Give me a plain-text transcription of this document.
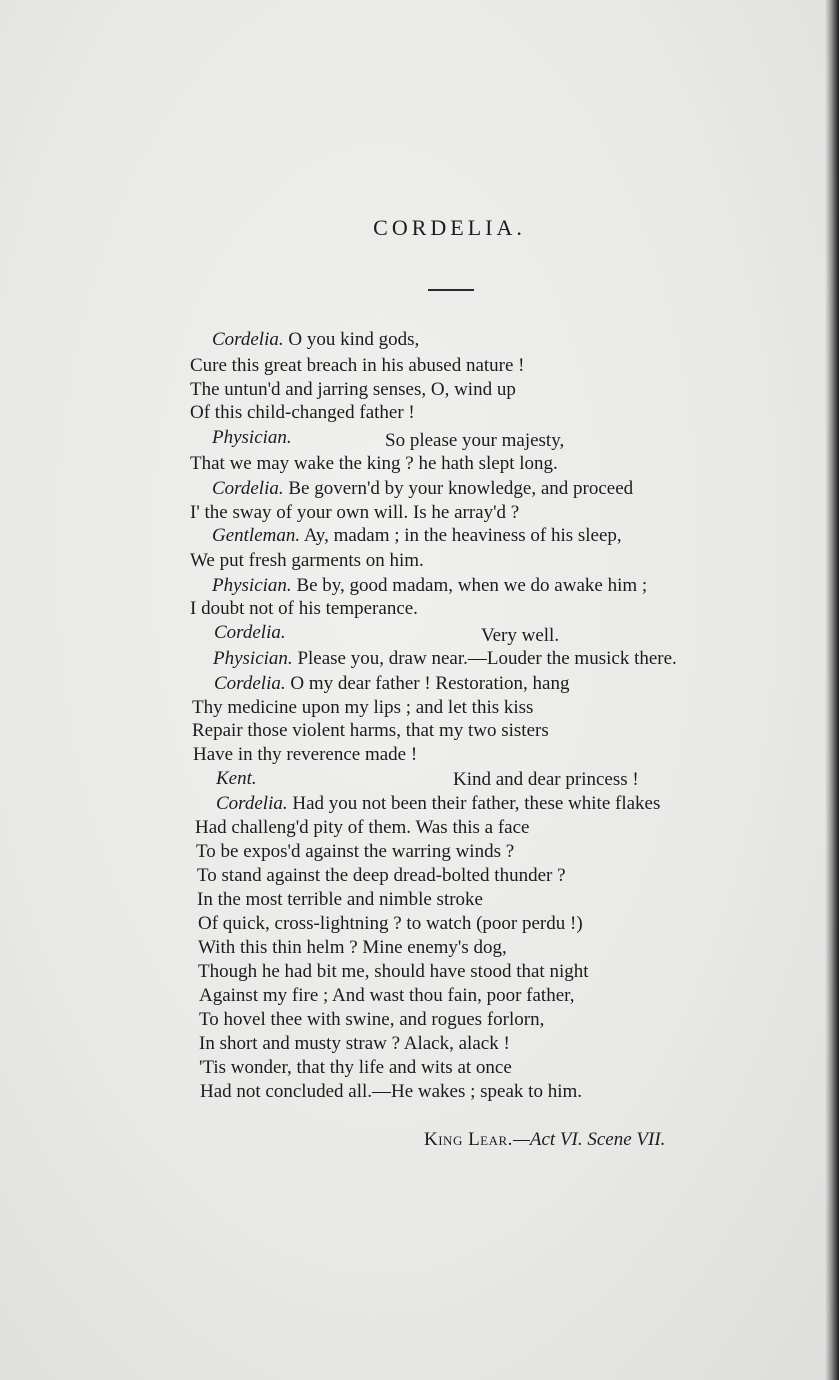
CORDELIA.
Cordelia. O you kind gods,
Cure this great breach in his abused nature !
The untun'd and jarring senses, O, wind up
Of this child-changed father !
Physician.	So please your majesty,
That we may wake the king ? he hath slept long.
Cordelia. Be govern'd by your knowledge, and proceed
I' the sway of your own will. Is he array'd ?
Gentleman. Ay, madam ; in the heaviness of his sleep,
We put fresh garments on him.
Physician. Be by, good madam, when we do awake him ;
I doubt not of his temperance.
Cordelia.	Very well.
Physician. Please you, draw near.—Louder the musick there.
Cordelia. O my dear father ! Restoration, hang
Thy medicine upon my lips ; and let this kiss
Repair those violent harms, that my two sisters
Have in thy reverence made !
Kent.	Kind and dear princess !
Cordelia. Had you not been their father, these white flakes
Had challeng'd pity of them. Was this a face
To be expos'd against the warring winds ?
To stand against the deep dread-bolted thunder ?
In the most terrible and nimble stroke
Of quick, cross-lightning ? to watch (poor perdu !)
With this thin helm ? Mine enemy's dog,
Though he had bit me, should have stood that night
Against my fire ; And wast thou fain, poor father,
To hovel thee with swine, and rogues forlorn,
In short and musty straw ? Alack, alack !
'Tis wonder, that thy life and wits at once
Had not concluded all.—He wakes ; speak to him.
King Lear.—Act VI. Scene VII.
